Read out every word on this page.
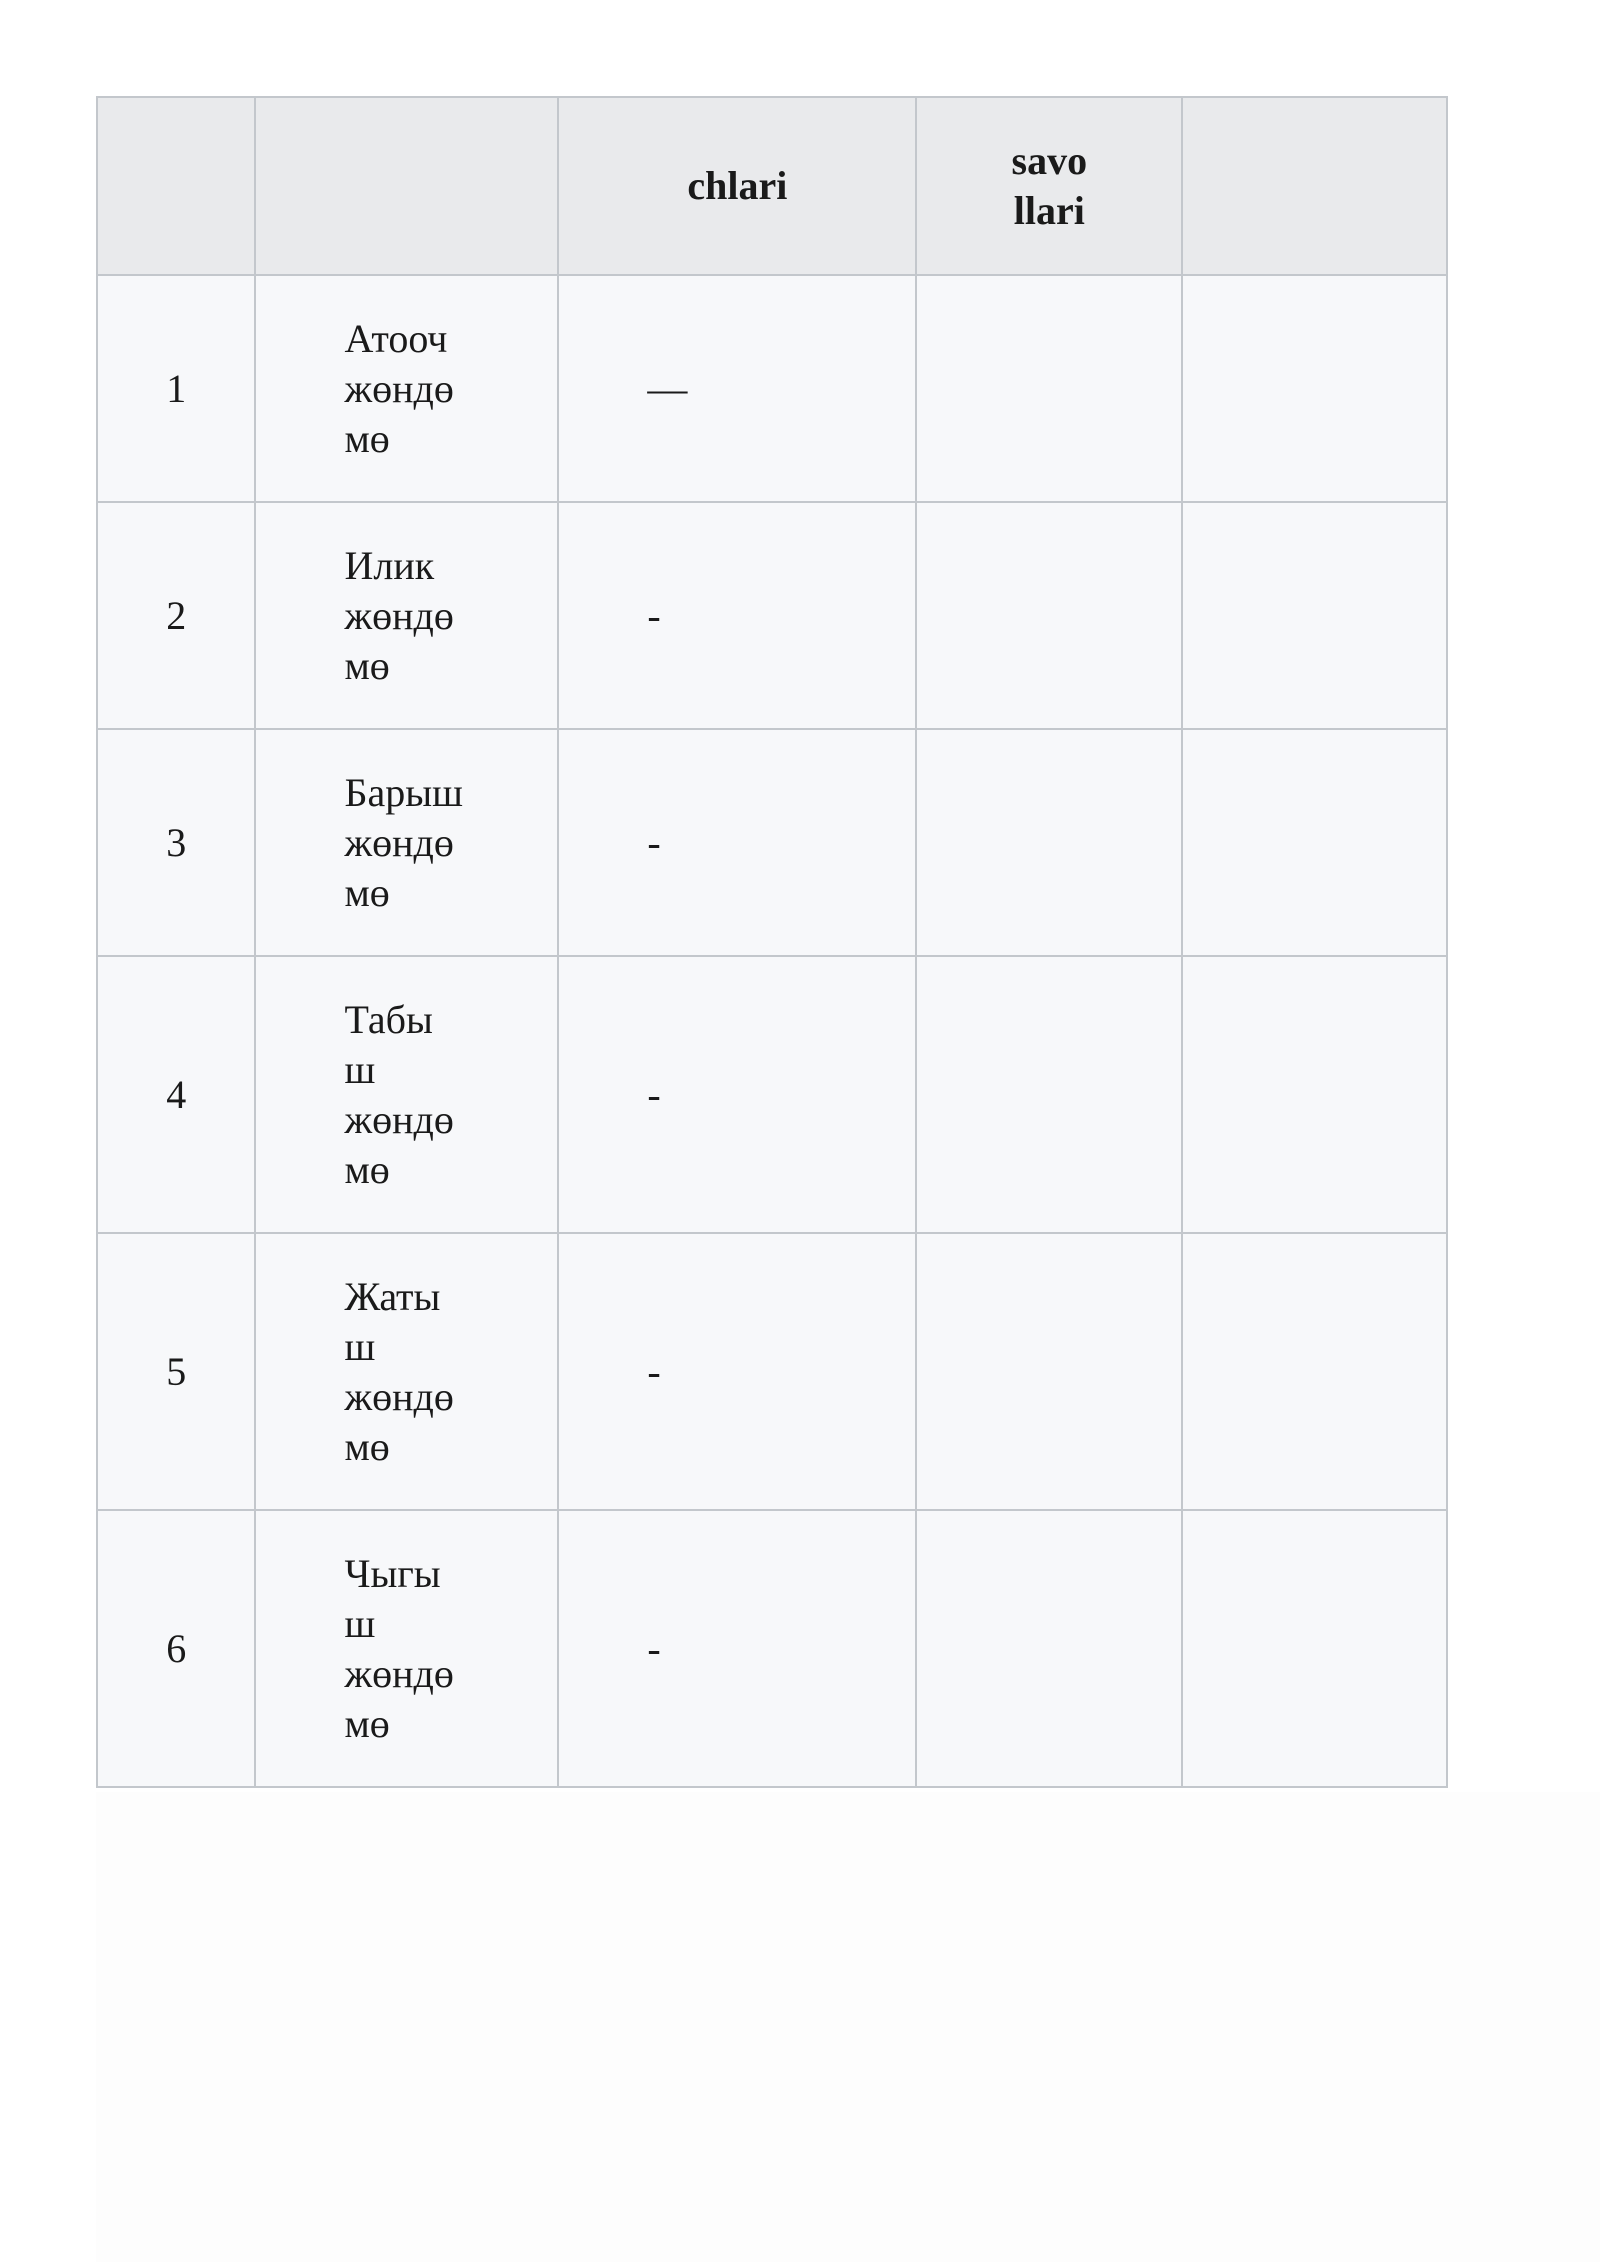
		chlari	savo
llari	

1	Атооч
жөндө
мө	—		
2	Илик
жөндө
мө	-		
3	Барыш
жөндө
мө	-		
4	Табы
ш
жөндө
мө	-		
5	Жаты
ш
жөндө
мө	-		
6	Чыгы
ш
жөндө
мө	-		
